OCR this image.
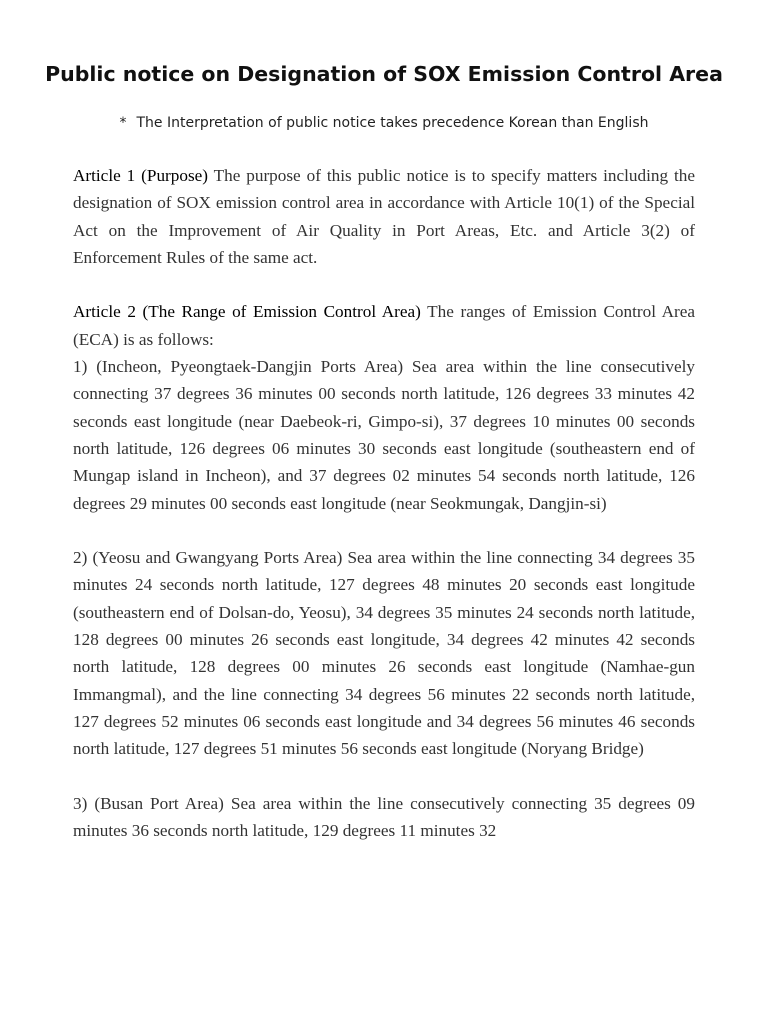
Public notice on Designation of SOX Emission Control Area
* The Interpretation of public notice takes precedence Korean than English

Article 1 (Purpose) The purpose of this public notice is to specify matters including the designation of SOX emission control area in accordance with Article 10(1) of the Special Act on the Improvement of Air Quality in Port Areas, Etc. and Article 3(2) of Enforcement Rules of the same act.

Article 2 (The Range of Emission Control Area) The ranges of Emission Control Area (ECA) is as follows:

1) (Incheon, Pyeongtaek-Dangjin Ports Area) Sea area within the line consecutively connecting 37 degrees 36 minutes 00 seconds north latitude, 126 degrees 33 minutes 42 seconds east longitude (near Daebeok-ri, Gimpo-si), 37 degrees 10 minutes 00 seconds north latitude, 126 degrees 06 minutes 30 seconds east longitude (southeastern end of Mungap island in Incheon), and 37 degrees 02 minutes 54 seconds north latitude, 126 degrees 29 minutes 00 seconds east longitude (near Seokmungak, Dangjin-si)

2) (Yeosu and Gwangyang Ports Area) Sea area within the line connecting 34 degrees 35 minutes 24 seconds north latitude, 127 degrees 48 minutes 20 seconds east longitude (southeastern end of Dolsan-do, Yeosu), 34 degrees 35 minutes 24 seconds north latitude, 128 degrees 00 minutes 26 seconds east longitude, 34 degrees 42 minutes 42 seconds north latitude, 128 degrees 00 minutes 26 seconds east longitude (Namhae-gun Immangmal), and the line connecting 34 degrees 56 minutes 22 seconds north latitude, 127 degrees 52 minutes 06 seconds east longitude and 34 degrees 56 minutes 46 seconds north latitude, 127 degrees 51 minutes 56 seconds east longitude (Noryang Bridge)

3) (Busan Port Area) Sea area within the line consecutively connecting 35 degrees 09 minutes 36 seconds north latitude, 129 degrees 11 minutes 32
